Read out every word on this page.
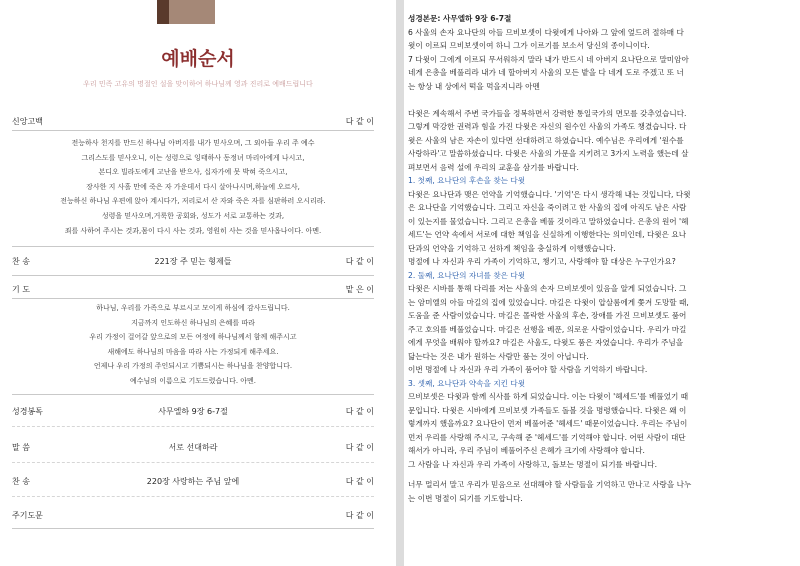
예배순서
우리 민족 고유의 명절인 설을 맞이하여 하나님께 영과 진리로 예배드립니다
신앙고백	다 같 이
전능하사 천지를 만드신 하나님 아버지를 내가 믿사오며, 그 외아들 우리 주 예수
그리스도를 믿사오니, 이는 성령으로 잉태하사 동정녀 마리아에게 나시고,
본디오 빌라도에게 고난을 받으사, 십자가에 못 박혀 죽으시고,
장사한 지 사흘 만에 죽은 자 가운데서 다시 살아나시며,하늘에 오르사,
전능하신 하나님 우편에 앉아 계시다가, 저리로서 산 자와 죽은 자를 심판하러 오시리라.
성령을 믿사오며,거룩한 공회와, 성도가 서로 교통하는 것과,
죄를 사하여 주시는 것과,몸이 다시 사는 것과, 영원히 사는 것을 믿사옵나이다. 아멘.
찬 송	221장 주 믿는 형제들	다 같 이
기 도	맡 은 이
하나님, 우리를 가족으로 부르시고 모이게 하심에 감사드립니다.
지금까지 인도하신 하나님의 은혜를 따라
우리 가정이 걸어갈 앞으로의 모든 여정에 하나님께서 함께 해주시고
새해에도 하나님의 마음을 따라 사는 가정되게 해주세요.
언제나 우리 가정의 주인되시고 기쁨되시는 하나님을 찬양합니다.
예수님의 이름으로 기도드렸습니다. 아멘.
성경봉독	사무엘하 9장 6-7절	다 같 이
말 씀	서로 선대하라	다 같 이
찬 송	220장 사랑하는 주님 앞에	다 같 이
주기도문	다 같 이
성경본문: 사무엘하 9장 6-7절
6 사울의 손자 요나단의 아들 므비보셋이 다윗에게 나아와 그 앞에 엎드려 절하매 다
윗이 이르되 므비보셋이여 하니 그가 이르기를 보소서 당신의 종이니이다.
7 다윗이 그에게 이르되 무서워하지 말라 내가 반드시 네 아버지 요나단으로 말미암아
네게 은총을 베풀리라 내가 네 할아버지 사울의 모든 밭을 다 네게 도로 주겠고 또 너
는 항상 내 상에서 떡을 먹을지니라 아멘
다윗은 계속해서 주변 국가들을 정복하면서 강력한 통일국가의 면모를 갖추었습니다.
그렇게 막강한 권력과 힘을 가진 다윗은 자신의 원수인 사울의 가족도 챙겼습니다. 다
윗은 사울의 남은 자손이 있다면 선대하려고 하였습니다. 예수님은 우리에게 '원수를
사랑하라'고 말씀하셨습니다. 다윗은 사울의 가문을 지키려고 3가지 노력을 했는데 살
펴보면서 음력 설에 우리의 교훈을 삼기를 바랍니다.
1. 첫째, 요나단의 후손을 찾는 다윗
다윗은 요나단과 맺은 언약을 기억했습니다. '기억'은 다시 생각해 내는 것입니다, 다윗
은 요나단을 기억했습니다. 그리고 자신을 죽이려고 한 사울의 집에 아직도 남은 사람
이 있는지를 물었습니다. 그리고 은총을 베풀 것이라고 말하였습니다. 은총의 원어 '헤
세드'는 언약 속에서 서로에 대한 책임을 신실하게 이행한다는 의미인데, 다윗은 요나
단과의 언약을 기억하고 선하게 책임을 충실하게 이행했습니다.
명절에 나 자신과 우리 가족이 기억하고, 챙기고, 사랑해야 할 대상은 누구인가요?
2. 둘째, 요나단의 자녀를 찾은 다윗
다윗은 시바를 통해 다리를 저는 사울의 손자 므비보셋이 있음을 알게 되었습니다. 그
는 암미엘의 아들 마길의 집에 있었습니다. 마길은 다윗이 압살롬에게 쫓겨 도망할 때,
도움을 준 사람이었습니다. 마길은 몰락한 사울의 후손, 장애를 가진 므비보셋도 품어
주고 호의를 베풀었습니다. 마길은 선행을 베푼, 의로운 사람이었습니다. 우리가 마길
에게 무엇을 배워야 할까요? 마길은 사울도, 다윗도 품은 자였습니다. 우리가 주님을
닮는다는 것은 내가 원하는 사람만 품는 것이 아닙니다.
이번 명절에 나 자신과 우리 가족이 품어야 할 사람을 기억하기 바랍니다.
3. 셋째, 요나단과 약속을 지킨 다윗
므비보셋은 다윗과 함께 식사를 하게 되었습니다. 이는 다윗이 '헤세드'를 베풀었기 때
문입니다. 다윗은 시바에게 므비보셋 가족들도 돌볼 것을 명령했습니다. 다윗은 왜 이
렇게까지 했을까요? 요나단이 먼저 베풀어준 '헤세드' 때문이었습니다. 우리는 주님이
먼저 우리를 사랑해 주시고, 구속해 준 '헤세드'를 기억해야 합니다. 어떤 사람이 대단
해서가 아니라, 우리 주님이 베풀어주신 은혜가 크기에 사랑해야 합니다.
그 사람을 나 자신과 우리 가족이 사랑하고, 돌보는 명절이 되기를 바랍니다.
너무 멀리서 말고 우리가 믿음으로 선대해야 할 사람들을 기억하고 만나고 사랑을 나누
는 이번 명절이 되기를 기도합니다.
